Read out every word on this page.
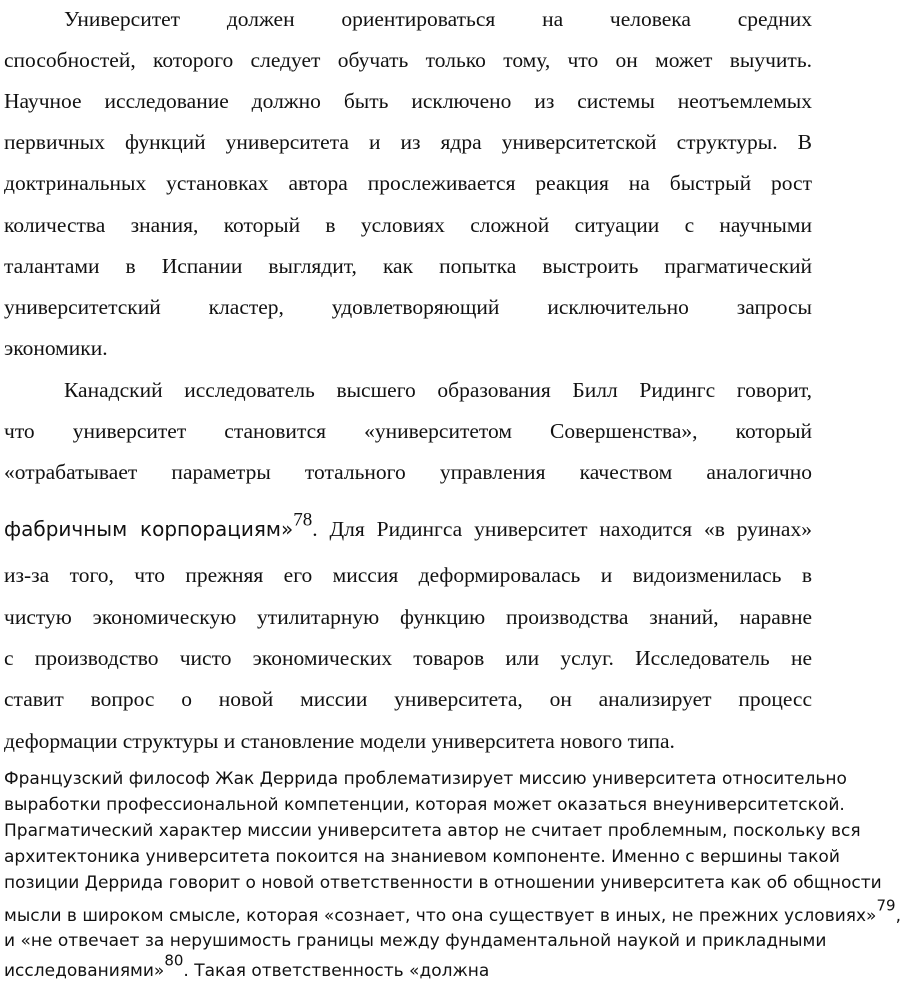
Университет должен ориентироваться на человека средних
способностей, которого следует обучать только тому, что он может выучить.
Научное исследование должно быть исключено из системы неотъемлемых
первичных функций университета и из ядра университетской структуры. В
доктринальных установках автора прослеживается реакция на быстрый рост
количества знания, который в условиях сложной ситуации с научными
талантами в Испании выглядит, как попытка выстроить прагматический
университетский кластер, удовлетворяющий исключительно запросы
экономики.
Канадский исследователь высшего образования Билл Ридингс говорит,
что университет становится «университетом Совершенства», который
«отрабатывает параметры тотального управления качеством аналогично
фабричным корпорациям»78. Для Ридингса университет находится «в руинах»
из-за того, что прежняя его миссия деформировалась и видоизменилась в
чистую экономическую утилитарную функцию производства знаний, наравне
с производство чисто экономических товаров или услуг. Исследователь не
ставит вопрос о новой миссии университета, он анализирует процесс
деформации структуры и становление модели университета нового типа.
Французский философ Жак Деррида проблематизирует миссию университета относительно
выработки профессиональной компетенции, которая может оказаться внеуниверситетской.
Прагматический характер миссии университета автор не считает проблемным, поскольку вся
архитектоника университета покоится на знаниевом компоненте. Именно с вершины такой
позиции Деррида говорит о новой ответственности в отношении университета как об общности
мысли в широком смысле, которая «сознает, что она существует в иных, не прежних условиях»79,
и «не отвечает за нерушимость границы между фундаментальной наукой и прикладными
исследованиями»80. Такая ответственность «должна
